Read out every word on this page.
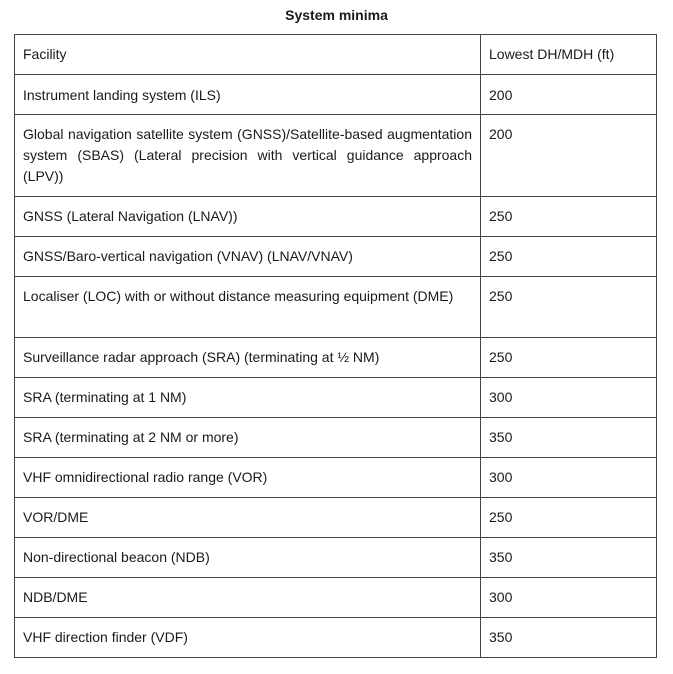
System minima
Facility	Lowest DH/MDH (ft)
Instrument landing system (ILS)	200
Global navigation satellite system (GNSS)/Satellite-based augmentation system (SBAS) (Lateral precision with vertical guidance approach (LPV))	200
GNSS (Lateral Navigation (LNAV))	250
GNSS/Baro-vertical navigation (VNAV) (LNAV/VNAV)	250
Localiser (LOC) with or without distance measuring equipment (DME)	250
Surveillance radar approach (SRA) (terminating at ½ NM)	250
SRA (terminating at 1 NM)	300
SRA (terminating at 2 NM or more)	350
VHF omnidirectional radio range (VOR)	300
VOR/DME	250
Non-directional beacon (NDB)	350
NDB/DME	300
VHF direction finder (VDF)	350
